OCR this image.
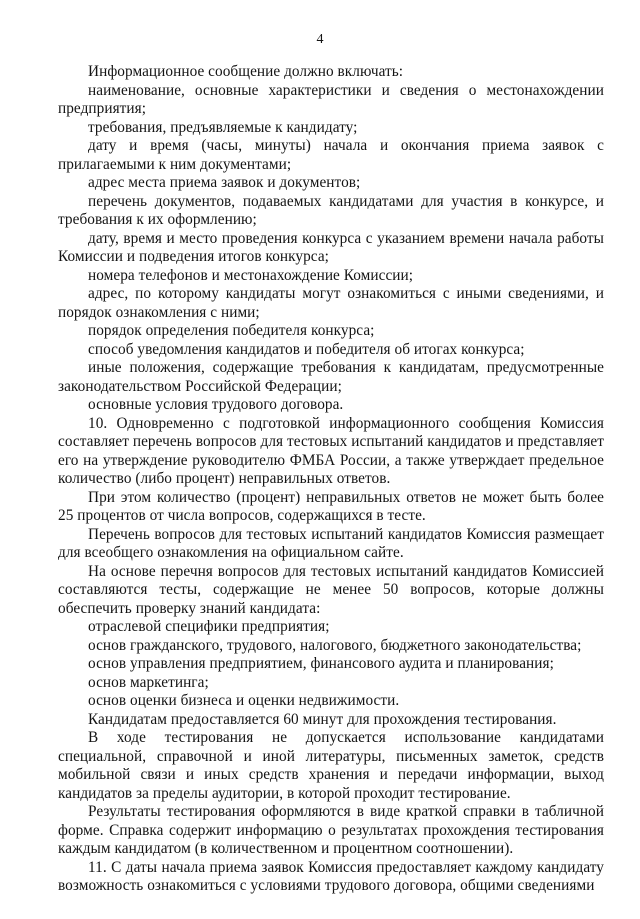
4

Информационное сообщение должно включать:

наименование, основные характеристики и сведения о местонахождении предприятия;

требования, предъявляемые к кандидату;

дату и время (часы, минуты) начала и окончания приема заявок с прилагаемыми к ним документами;

адрес места приема заявок и документов;

перечень документов, подаваемых кандидатами для участия в конкурсе, и требования к их оформлению;

дату, время и место проведения конкурса с указанием времени начала работы Комиссии и подведения итогов конкурса;

номера телефонов и местонахождение Комиссии;

адрес, по которому кандидаты могут ознакомиться с иными сведениями, и порядок ознакомления с ними;

порядок определения победителя конкурса;

способ уведомления кандидатов и победителя об итогах конкурса;

иные положения, содержащие требования к кандидатам, предусмотренные законодательством Российской Федерации;

основные условия трудового договора.

10. Одновременно с подготовкой информационного сообщения Комиссия составляет перечень вопросов для тестовых испытаний кандидатов и представляет его на утверждение руководителю ФМБА России, а также утверждает предельное количество (либо процент) неправильных ответов.

При этом количество (процент) неправильных ответов не может быть более 25 процентов от числа вопросов, содержащихся в тесте.

Перечень вопросов для тестовых испытаний кандидатов Комиссия размещает для всеобщего ознакомления на официальном сайте.

На основе перечня вопросов для тестовых испытаний кандидатов Комиссией составляются тесты, содержащие не менее 50 вопросов, которые должны обеспечить проверку знаний кандидата:

отраслевой специфики предприятия;

основ гражданского, трудового, налогового, бюджетного законодательства;

основ управления предприятием, финансового аудита и планирования;

основ маркетинга;

основ оценки бизнеса и оценки недвижимости.

Кандидатам предоставляется 60 минут для прохождения тестирования.

В ходе тестирования не допускается использование кандидатами специальной, справочной и иной литературы, письменных заметок, средств мобильной связи и иных средств хранения и передачи информации, выход кандидатов за пределы аудитории, в которой проходит тестирование.

Результаты тестирования оформляются в виде краткой справки в табличной форме. Справка содержит информацию о результатах прохождения тестирования каждым кандидатом (в количественном и процентном соотношении).

11. С даты начала приема заявок Комиссия предоставляет каждому кандидату возможность ознакомиться с условиями трудового договора, общими сведениями
